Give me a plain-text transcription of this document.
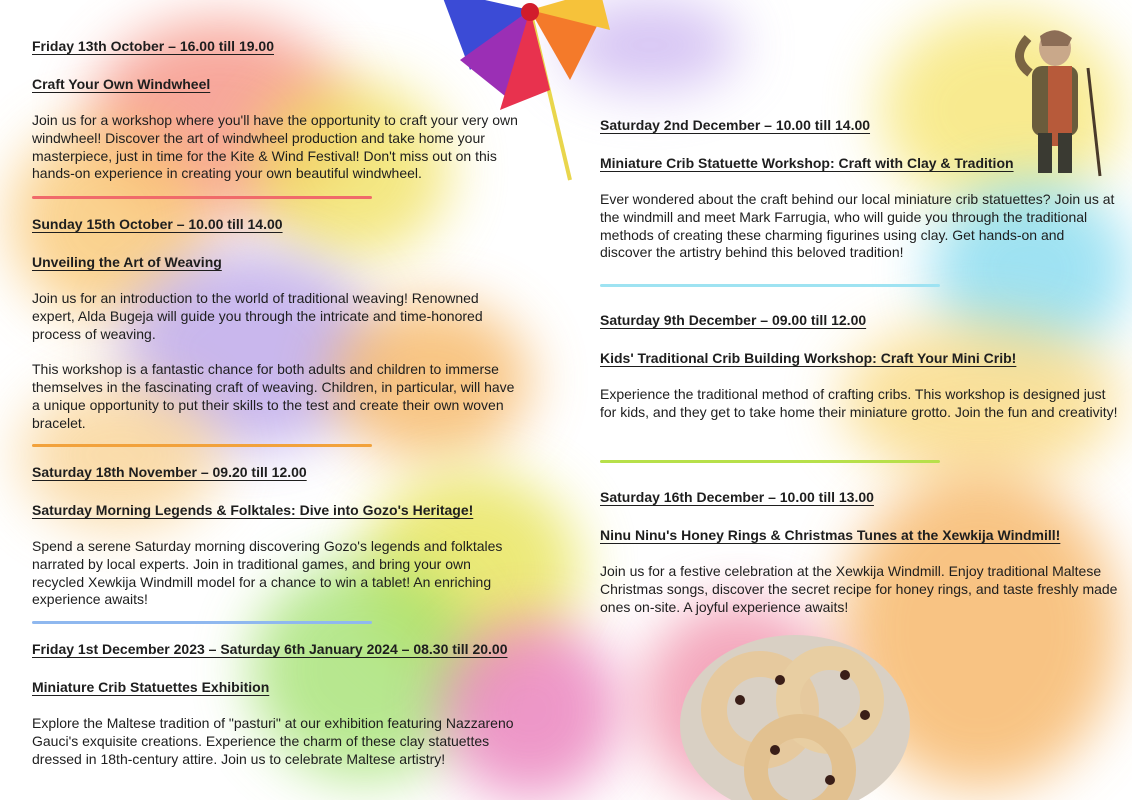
Friday 13th October – 16.00 till 19.00

Craft Your Own Windwheel

Join us for a workshop where you'll have the opportunity to craft your very own windwheel! Discover the art of windwheel production and take home your masterpiece, just in time for the Kite & Wind Festival! Don't miss out on this hands-on experience in creating your own beautiful windwheel.

Sunday 15th October – 10.00 till 14.00

Unveiling the Art of Weaving

Join us for an introduction to the world of traditional weaving! Renowned expert, Alda Bugeja will guide you through the intricate and time-honored process of weaving.

This workshop is a fantastic chance for both adults and children to immerse themselves in the fascinating craft of weaving. Children, in particular, will have a unique opportunity to put their skills to the test and create their own woven bracelet.

Saturday 18th November – 09.20 till 12.00

Saturday Morning Legends & Folktales: Dive into Gozo's Heritage!

Spend a serene Saturday morning discovering Gozo's legends and folktales narrated by local experts. Join in traditional games, and bring your own recycled Xewkija Windmill model for a chance to win a tablet! An enriching experience awaits!

Friday 1st December 2023 – Saturday 6th January 2024 – 08.30 till 20.00

Miniature Crib Statuettes Exhibition

Explore the Maltese tradition of "pasturi" at our exhibition featuring Nazzareno Gauci's exquisite creations. Experience the charm of these clay statuettes dressed in 18th-century attire. Join us to celebrate Maltese artistry!

Saturday 2nd December – 10.00 till 14.00

Miniature Crib Statuette Workshop: Craft with Clay & Tradition

Ever wondered about the craft behind our local miniature crib statuettes? Join us at the windmill and meet Mark Farrugia, who will guide you through the traditional methods of creating these charming figurines using clay. Get hands-on and discover the artistry behind this beloved tradition!

Saturday 9th December – 09.00 till 12.00

Kids' Traditional Crib Building Workshop: Craft Your Mini Crib!

Experience the traditional method of crafting cribs. This workshop is designed just for kids, and they get to take home their miniature grotto. Join the fun and creativity!

Saturday 16th December – 10.00 till 13.00

Ninu Ninu's Honey Rings & Christmas Tunes at the Xewkija Windmill!

Join us for a festive celebration at the Xewkija Windmill. Enjoy traditional Maltese Christmas songs, discover the secret recipe for honey rings, and taste freshly made ones on-site. A joyful experience awaits!
